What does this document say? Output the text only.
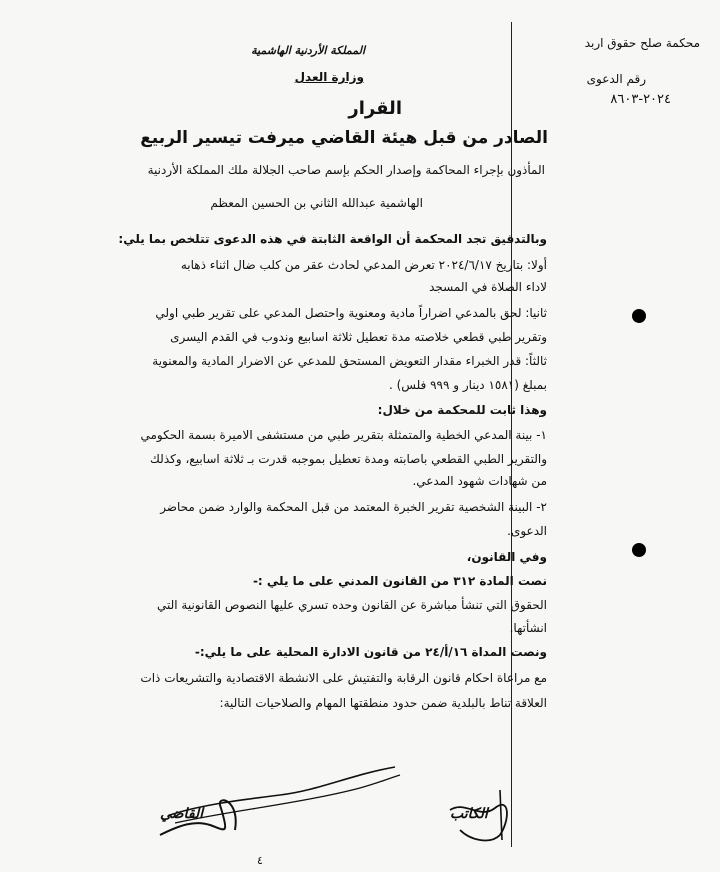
محكمة صلح حقوق اربد
رقم الدعوى
٢٠٢٤-٨٦٠٣
المملكة الأردنية الهاشمية
وزارة العدل
القرار
الصادر من قبل هيئة القاضي ميرفت تيسير الربيع
المأذون بإجراء المحاكمة وإصدار الحكم بإسم صاحب الجلالة ملك المملكة الأردنية
الهاشمية عبدالله الثاني بن الحسين المعظم
وبالتدقيق تجد المحكمة أن الواقعة الثابتة في هذه الدعوى تتلخص بما يلي:
أولا: بتاريخ ٢٠٢٤/٦/١٧ تعرض المدعي لحادث عقر من كلب ضال اثناء ذهابه
لاداء الصلاة في المسجد
ثانيا: لحق بالمدعي اضراراً مادية ومعنوية واحتصل المدعي على تقرير طبي اولي
وتقرير طبي قطعي خلاصته مدة تعطيل ثلاثة اسابيع وندوب في القدم اليسرى
ثالثاً: قدر الخبراء مقدار التعويض المستحق للمدعي عن الاضرار المادية والمعنوية
بمبلغ (١٥٨١ دينار و ٩٩٩ فلس) .
وهذا ثابت للمحكمة من خلال:
١- بينة المدعي الخطية والمتمثلة بتقرير طبي من مستشفى الاميرة بسمة الحكومي
والتقرير الطبي القطعي باصابته ومدة تعطيل بموجبه قدرت بـ ثلاثة اسابيع، وكذلك
من شهادات شهود المدعي.
٢- البينة الشخصية تقرير الخبرة المعتمد من قبل المحكمة والوارد ضمن محاضر
الدعوى.
وفي القانون،
نصت المادة ٣١٢ من القانون المدني على ما يلي :-
الحقوق التي تنشأ مباشرة عن القانون وحده تسري عليها النصوص القانونية التي
انشأتها.
ونصت المداة ١٦/أ/٢٤ من قانون الادارة المحلية على ما يلي:-
مع مراعاة احكام قانون الرقابة والتفتيش على الانشطة الاقتصادية والتشريعات ذات
العلاقة تناط بالبلدية ضمن حدود منطقتها المهام والصلاحيات التالية:
القاضي	الكاتب
٤
